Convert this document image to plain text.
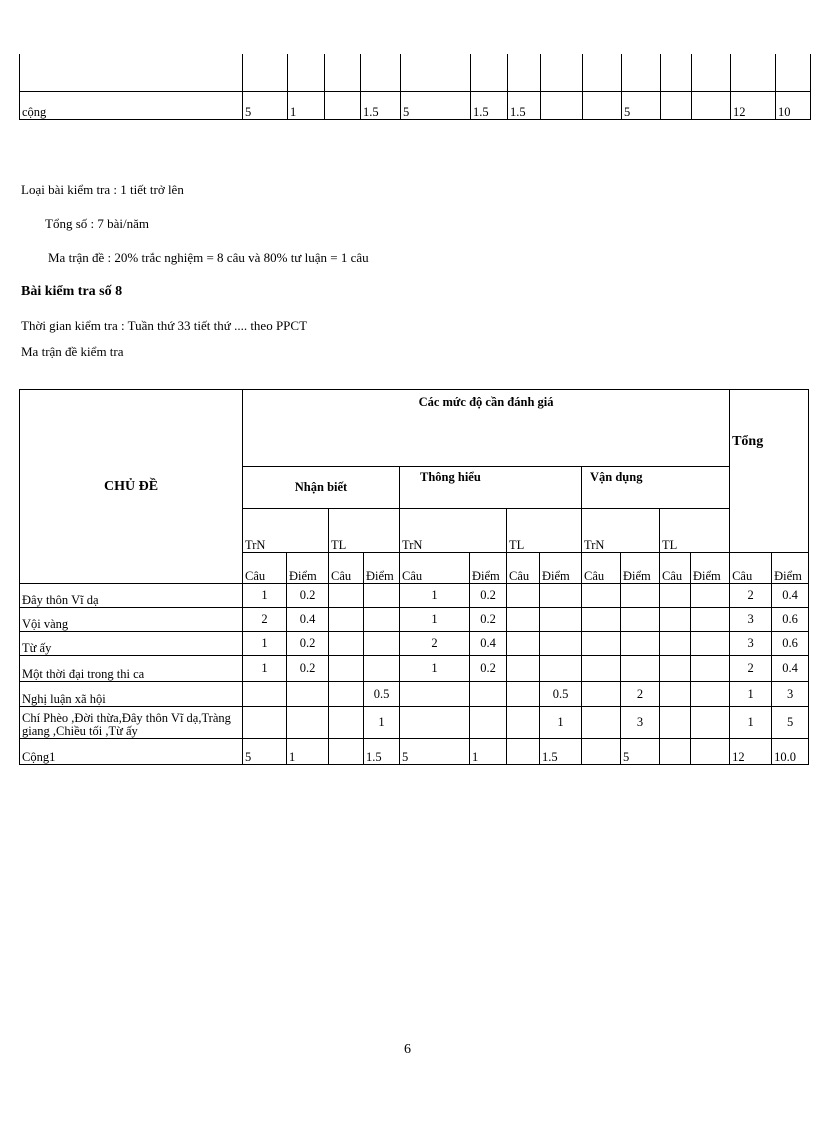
cộng	5	1		1.5	5	1.5	1.5			5			12	10
Loại bài kiểm tra : 1 tiết trở lên
Tổng số : 7 bài/năm
Ma trận đề : 20% trắc nghiệm = 8 câu và 80% tư luận = 1 câu
Bài kiểm tra số 8
Thời gian kiểm tra : Tuần thứ 33 tiết thứ .... theo PPCT
Ma trận đề kiểm tra
CHỦ ĐỀ	Các mức độ cần đánh giá												Tổng	
	Nhận biết				Thông hiểu				Vận dụng					
	TrN		TL		TrN		TL		TrN		TL			
	Câu	Điểm	Câu	Điểm	Câu	Điểm	Câu	Điểm	Câu	Điểm	Câu	Điểm	Câu	Điểm
Đây thôn Vĩ dạ	1	0.2			1	0.2							2	0.4
Vội vàng	2	0.4			1	0.2							3	0.6
Từ ấy	1	0.2			2	0.4							3	0.6
Một thời đại trong thi ca	1	0.2			1	0.2							2	0.4
Nghị luận xã hội				0.5				0.5		2			1	3
Chí Phèo ,Đời thừa,Đây thôn Vĩ dạ,Tràng giang ,Chiều tối ,Từ ấy				1				1		3			1	5
Cộng1	5	1		1.5	5	1		1.5		5			12	10.0
6
